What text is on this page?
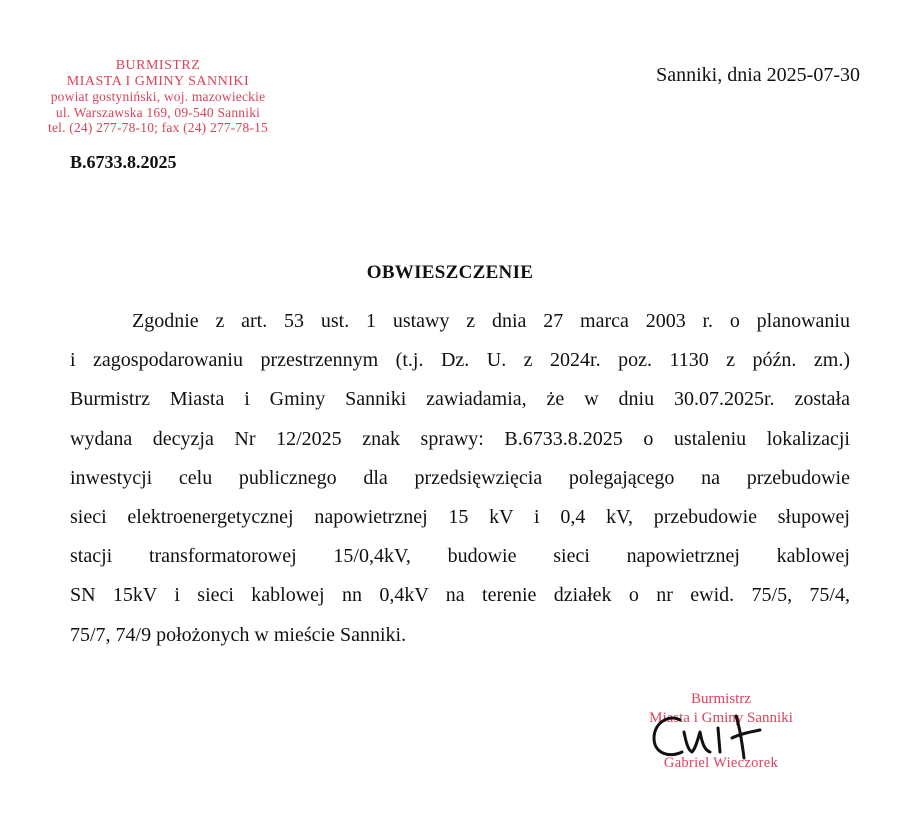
BURMISTRZ
MIASTA I GMINY SANNIKI
powiat gostyniński, woj. mazowieckie
ul. Warszawska 169, 09-540 Sanniki
tel. (24) 277-78-10; fax (24) 277-78-15
B.6733.8.2025
Sanniki, dnia 2025-07-30
OBWIESZCZENIE
Zgodnie z art. 53 ust. 1 ustawy z dnia 27 marca 2003 r. o planowaniu
i zagospodarowaniu przestrzennym (t.j. Dz. U. z 2024r. poz. 1130 z późn. zm.)
Burmistrz Miasta i Gminy Sanniki zawiadamia, że w dniu 30.07.2025r. została
wydana decyzja Nr 12/2025 znak sprawy: B.6733.8.2025 o ustaleniu lokalizacji
inwestycji celu publicznego dla przedsięwzięcia polegającego na przebudowie
sieci elektroenergetycznej napowietrznej 15 kV i 0,4 kV, przebudowie słupowej
stacji transformatorowej 15/0,4kV, budowie sieci napowietrznej kablowej
SN 15kV i sieci kablowej nn 0,4kV na terenie działek o nr ewid. 75/5, 75/4,
75/7, 74/9 położonych w mieście Sanniki.
Burmistrz
Miasta i Gminy Sanniki
Gabriel Wieczorek
